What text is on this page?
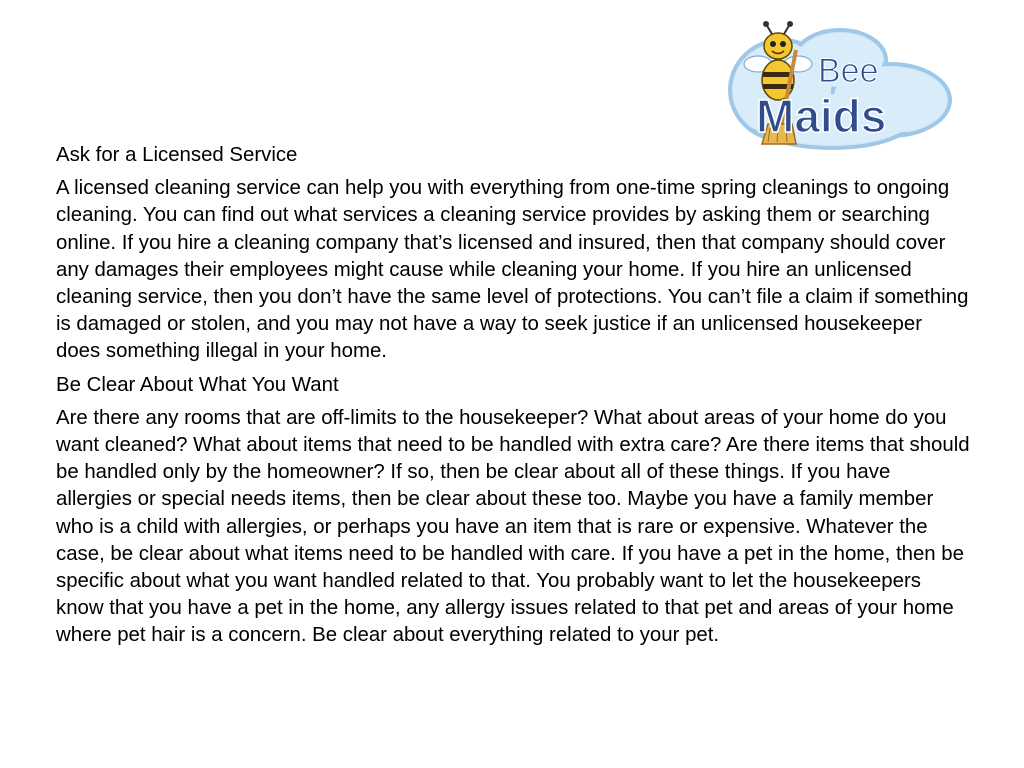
Bee
Maids

Ask for a Licensed Service

A licensed cleaning service can help you with everything from one-time spring cleanings to ongoing cleaning. You can find out what services a cleaning service provides by asking them or searching online. If you hire a cleaning company that’s licensed and insured, then that company should cover any damages their employees might cause while cleaning your home. If you hire an unlicensed cleaning service, then you don’t have the same level of protections. You can’t file a claim if something is damaged or stolen, and you may not have a way to seek justice if an unlicensed housekeeper does something illegal in your home.

Be Clear About What You Want

Are there any rooms that are off-limits to the housekeeper? What about areas of your home do you want cleaned? What about items that need to be handled with extra care? Are there items that should be handled only by the homeowner? If so, then be clear about all of these things. If you have allergies or special needs items, then be clear about these too. Maybe you have a family member who is a child with allergies, or perhaps you have an item that is rare or expensive. Whatever the case, be clear about what items need to be handled with care. If you have a pet in the home, then be specific about what you want handled related to that. You probably want to let the housekeepers know that you have a pet in the home, any allergy issues related to that pet and areas of your home where pet hair is a concern. Be clear about everything related to your pet.
